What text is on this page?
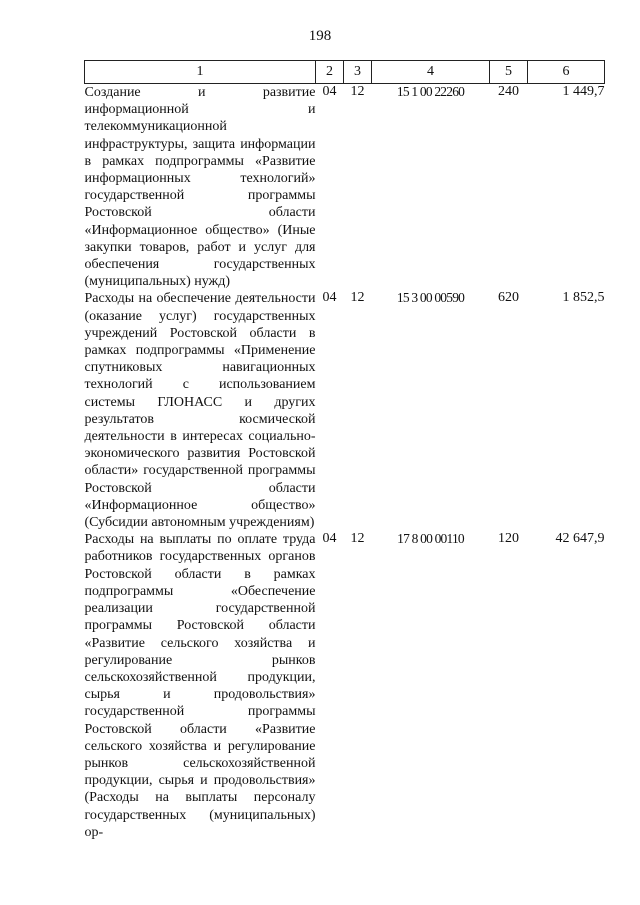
198
1	2	3	4	5	6
Создание и развитие информационной и телекоммуникационной инфраструктуры, защита информации в рамках подпрограммы «Развитие информационных технологий» государственной программы Ростовской области «Информационное общество» (Иные закупки товаров, работ и услуг для обеспечения государственных (муниципальных) нужд)	04	12	15 1 00 22260	240	1 449,7
Расходы на обеспечение деятельности (оказание услуг) государственных учреждений Ростовской области в рамках подпрограммы «Применение спутниковых навигационных технологий с использованием системы ГЛОНАСС и других результатов космической деятельности в интересах социально-экономического развития Ростовской области» государственной программы Ростовской области «Информационное общество» (Субсидии автономным учреждениям)	04	12	15 3 00 00590	620	1 852,5
Расходы на выплаты по оплате труда работников государственных органов Ростовской области в рамках подпрограммы «Обеспечение реализации государственной программы Ростовской области «Развитие сельского хозяйства и регулирование рынков сельскохозяйственной продукции, сырья и продовольствия» государственной программы Ростовской области «Развитие сельского хозяйства и регулирование рынков сельскохозяйственной продукции, сырья и продовольствия» (Расходы на выплаты персоналу государственных (муниципальных) ор-	04	12	17 8 00 00110	120	42 647,9
